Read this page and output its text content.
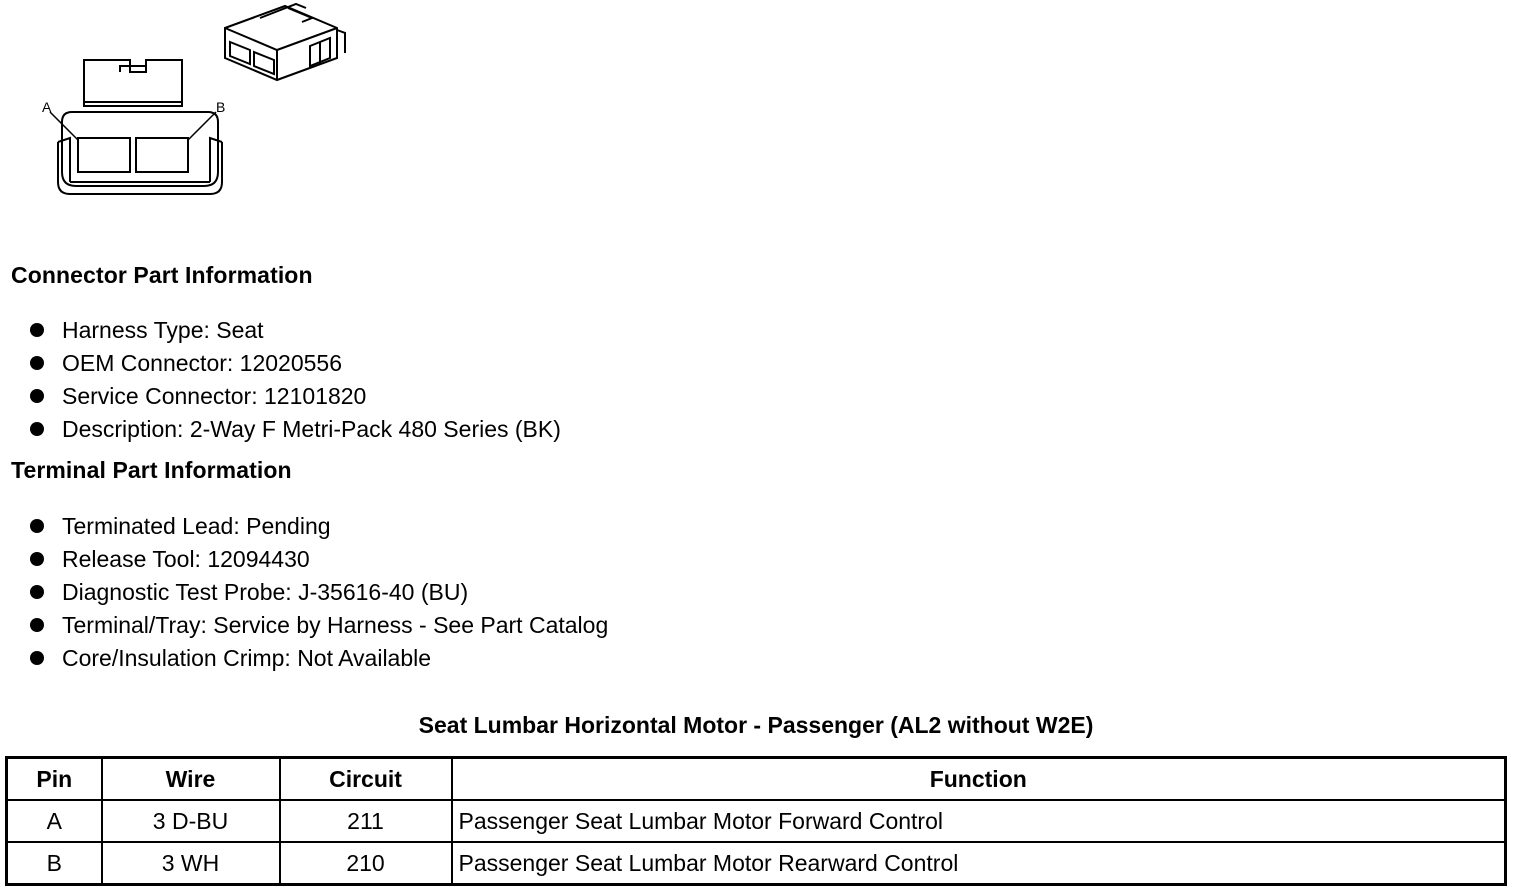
A	B
Connector Part Information
Harness Type: Seat
OEM Connector: 12020556
Service Connector: 12101820
Description: 2-Way F Metri-Pack 480 Series (BK)
Terminal Part Information
Terminated Lead: Pending
Release Tool: 12094430
Diagnostic Test Probe: J-35616-40 (BU)
Terminal/Tray: Service by Harness - See Part Catalog
Core/Insulation Crimp: Not Available
Seat Lumbar Horizontal Motor - Passenger (AL2 without W2E)
Pin	Wire	Circuit	Function
A	3 D-BU	211	Passenger Seat Lumbar Motor Forward Control
B	3 WH	210	Passenger Seat Lumbar Motor Rearward Control
